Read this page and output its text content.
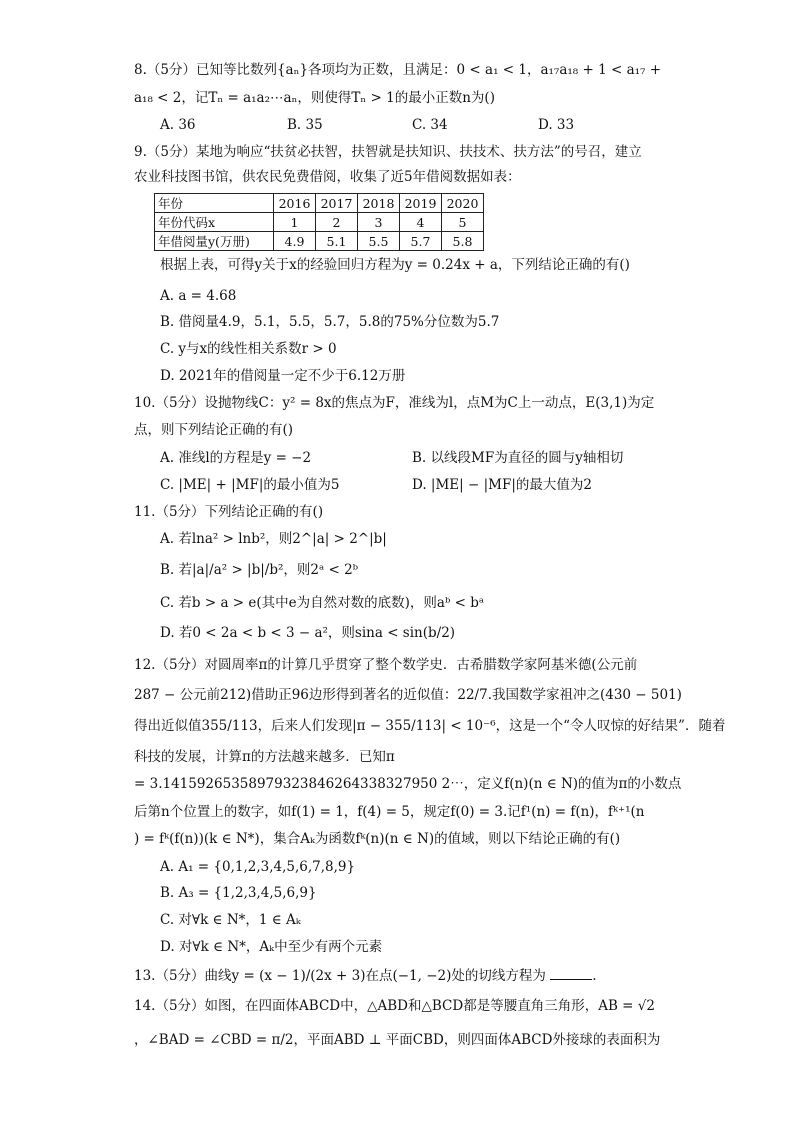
8.（5分）已知等比数列{aₙ}各项均为正数，且满足：0 < a₁ < 1，a₁₇a₁₈ + 1 < a₁₇ +
a₁₈ < 2，记Tₙ = a₁a₂⋯aₙ，则使得Tₙ > 1的最小正数n为()
A. 36	B. 35	C. 34	D. 33
9.（5分）某地为响应“扶贫必扶智，扶智就是扶知识、扶技术、扶方法”的号召，建立
农业科技图书馆，供农民免费借阅，收集了近5年借阅数据如表：
年份	2016	2017	2018	2019	2020
年份代码x	1	2	3	4	5
年借阅量y(万册)	4.9	5.1	5.5	5.7	5.8
根据上表，可得y关于x的经验回归方程为y = 0.24x + a，下列结论正确的有()
A. a = 4.68
B. 借阅量4.9，5.1，5.5，5.7，5.8的75%分位数为5.7
C. y与x的线性相关系数r > 0
D. 2021年的借阅量一定不少于6.12万册
10.（5分）设抛物线C：y² = 8x的焦点为F，准线为l，点M为C上一动点，E(3,1)为定
点，则下列结论正确的有()
A. 准线l的方程是y = −2	B. 以线段MF为直径的圆与y轴相切
C. |ME| + |MF|的最小值为5	D. |ME| − |MF|的最大值为2
11.（5分）下列结论正确的有()
A. 若lna² > lnb²，则2^|a| > 2^|b|
B. 若|a|/a² > |b|/b²，则2ᵃ < 2ᵇ
C. 若b > a > e(其中e为自然对数的底数)，则aᵇ < bᵃ
D. 若0 < 2a < b < 3 − a²，则sina < sin(b/2)
12.（5分）对圆周率π的计算几乎贯穿了整个数学史．古希腊数学家阿基米德(公元前
287 − 公元前212)借助正96边形得到著名的近似值：22/7.我国数学家祖冲之(430 − 501)
得出近似值355/113，后来人们发现|π − 355/113| < 10⁻⁶，这是一个“令人叹惊的好结果”．随着
科技的发展，计算π的方法越来越多．已知π
= 3.14159265358979323846264338327950 2⋯，定义f(n)(n ∈ N)的值为π的小数点
后第n个位置上的数字，如f(1) = 1，f(4) = 5，规定f(0) = 3.记f¹(n) = f(n)，fᵏ⁺¹(n
) = fᵏ(f(n))(k ∈ N*)，集合Aₖ为函数fᵏ(n)(n ∈ N)的值域，则以下结论正确的有()
A. A₁ = {0,1,2,3,4,5,6,7,8,9}
B. A₃ = {1,2,3,4,5,6,9}
C. 对∀k ∈ N*，1 ∈ Aₖ
D. 对∀k ∈ N*，Aₖ中至少有两个元素
13.（5分）曲线y = (x − 1)/(2x + 3)在点(−1, −2)处的切线方程为	.
14.（5分）如图，在四面体ABCD中，△ABD和△BCD都是等腰直角三角形，AB = √2
，∠BAD = ∠CBD = π/2，平面ABD ⊥ 平面CBD，则四面体ABCD外接球的表面积为
